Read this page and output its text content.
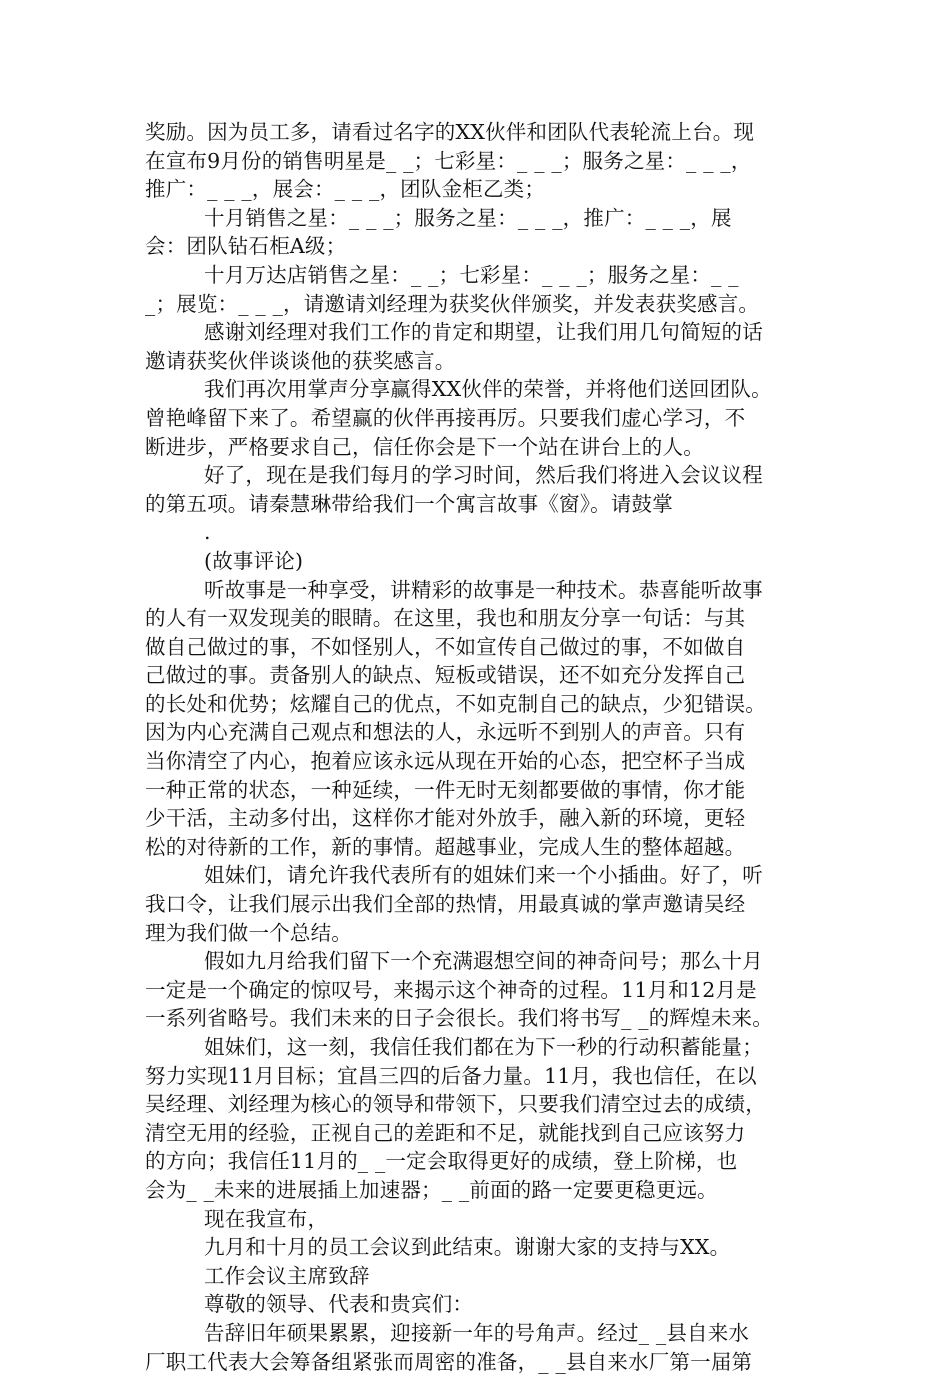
奖励。因为员工多，请看过名字的XX伙伴和团队代表轮流上台。现
在宣布9月份的销售明星是_ _；七彩星：_ _ _；服务之星：_ _ _，
推广：_ _ _，展会：_ _ _，团队金柜乙类；
十月销售之星：_ _ _；服务之星：_ _ _，推广：_ _ _，展
会：团队钻石柜A级；
十月万达店销售之星：_ _；七彩星：_ _ _；服务之星：_ _
_；展览：_ _ _，请邀请刘经理为获奖伙伴颁奖，并发表获奖感言。
感谢刘经理对我们工作的肯定和期望，让我们用几句简短的话
邀请获奖伙伴谈谈他的获奖感言。
我们再次用掌声分享赢得XX伙伴的荣誉，并将他们送回团队。
曾艳峰留下来了。希望赢的伙伴再接再厉。只要我们虚心学习，不
断进步，严格要求自己，信任你会是下一个站在讲台上的人。
好了，现在是我们每月的学习时间，然后我们将进入会议议程
的第五项。请秦慧琳带给我们一个寓言故事《窗》。请鼓掌
.
(故事评论)
听故事是一种享受，讲精彩的故事是一种技术。恭喜能听故事
的人有一双发现美的眼睛。在这里，我也和朋友分享一句话：与其
做自己做过的事，不如怪别人，不如宣传自己做过的事，不如做自
己做过的事。责备别人的缺点、短板或错误，还不如充分发挥自己
的长处和优势；炫耀自己的优点，不如克制自己的缺点，少犯错误。
因为内心充满自己观点和想法的人，永远听不到别人的声音。只有
当你清空了内心，抱着应该永远从现在开始的心态，把空杯子当成
一种正常的状态，一种延续，一件无时无刻都要做的事情，你才能
少干活，主动多付出，这样你才能对外放手，融入新的环境，更轻
松的对待新的工作，新的事情。超越事业，完成人生的整体超越。
姐妹们，请允许我代表所有的姐妹们来一个小插曲。好了，听
我口令，让我们展示出我们全部的热情，用最真诚的掌声邀请吴经
理为我们做一个总结。
假如九月给我们留下一个充满遐想空间的神奇问号；那么十月
一定是一个确定的惊叹号，来揭示这个神奇的过程。11月和12月是
一系列省略号。我们未来的日子会很长。我们将书写_ _的辉煌未来。
姐妹们，这一刻，我信任我们都在为下一秒的行动积蓄能量；
努力实现11月目标；宜昌三四的后备力量。11月，我也信任，在以
吴经理、刘经理为核心的领导和带领下，只要我们清空过去的成绩，
清空无用的经验，正视自己的差距和不足，就能找到自己应该努力
的方向；我信任11月的_ _一定会取得更好的成绩，登上阶梯，也
会为_ _未来的进展插上加速器；_ _前面的路一定要更稳更远。
现在我宣布，
九月和十月的员工会议到此结束。谢谢大家的支持与XX。
工作会议主席致辞
尊敬的领导、代表和贵宾们：
告辞旧年硕果累累，迎接新一年的号角声。经过_ _县自来水
厂职工代表大会筹备组紧张而周密的准备，_ _县自来水厂第一届第
